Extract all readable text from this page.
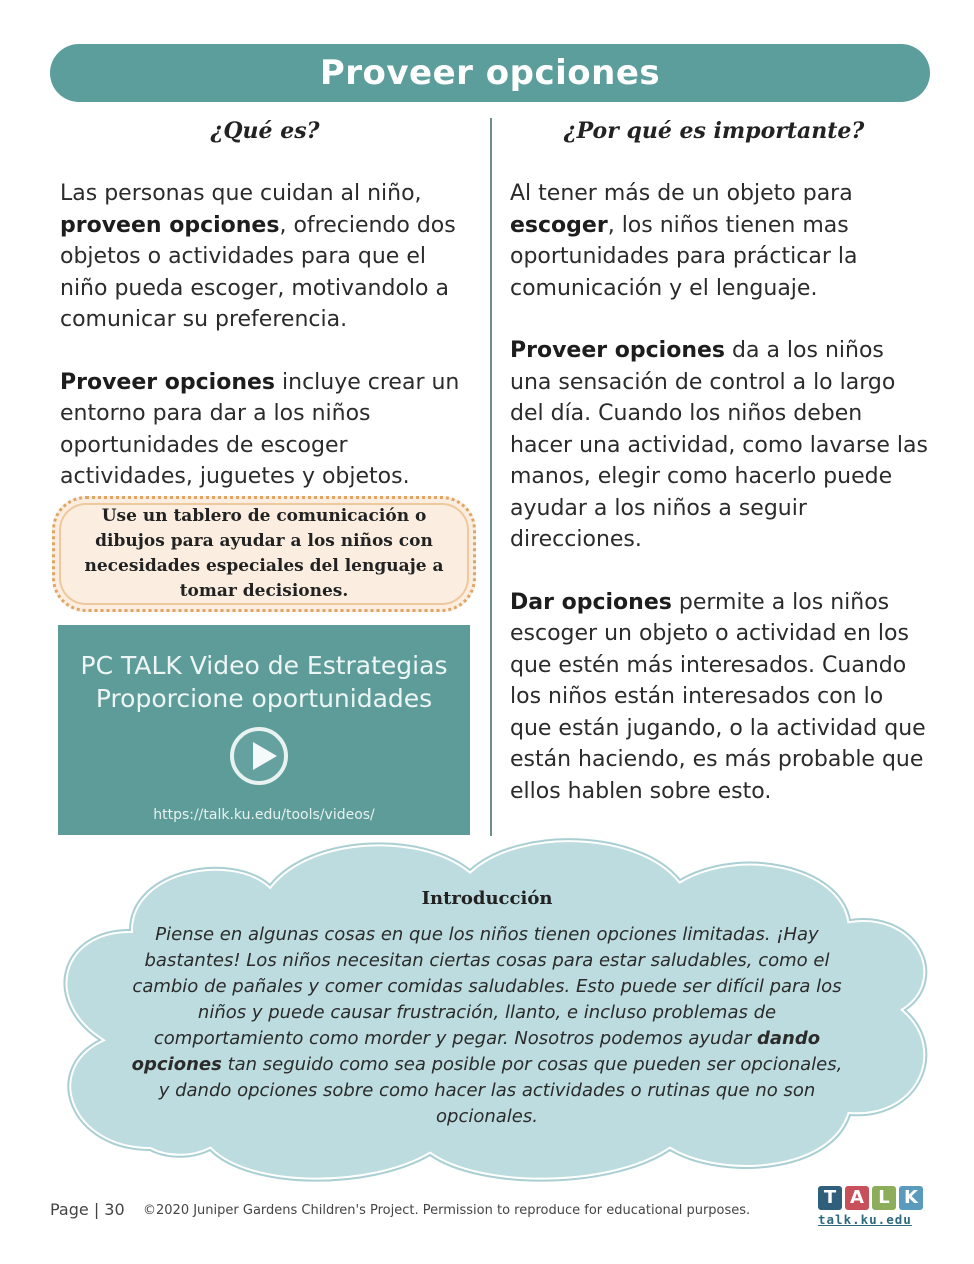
Proveer opciones
¿Qué es?	¿Por qué es importante?

Las personas que cuidan al niño, proveen opciones, ofreciendo dos objetos o actividades para que el niño pueda escoger, motivandolo a comunicar su preferencia.

Proveer opciones incluye crear un entorno para dar a los niños oportunidades de escoger actividades, juguetes y objetos.

Use un tablero de comunicación o dibujos para ayudar a los niños con necesidades especiales del lenguaje a tomar decisiones.
PC TALK Video de Estrategias
Proporcione oportunidades
https://talk.ku.edu/tools/videos/

Al tener más de un objeto para escoger, los niños tienen mas oportunidades para prácticar la comunicación y el lenguaje.

Proveer opciones da a los niños una sensación de control a lo largo del día. Cuando los niños deben hacer una actividad, como lavarse las manos, elegir como hacerlo puede ayudar a los niños a seguir direcciones.

Dar opciones permite a los niños escoger un objeto o actividad en los que estén más interesados. Cuando los niños están interesados con lo que están jugando, o la actividad que están haciendo, es más probable que ellos hablen sobre esto.

Introducción
Piense en algunas cosas en que los niños tienen opciones limitadas. ¡Hay bastantes! Los niños necesitan ciertas cosas para estar saludables, como el cambio de pañales y comer comidas saludables. Esto puede ser difícil para los niños y puede causar frustración, llanto, e incluso problemas de comportamiento como morder y pegar. Nosotros podemos ayudar dando opciones tan seguido como sea posible por cosas que pueden ser opcionales, y dando opciones sobre como hacer las actividades o rutinas que no son opcionales.
Page | 30 ©2020 Juniper Gardens Children's Project. Permission to reproduce for educational purposes.
T A L K
talk.ku.edu
